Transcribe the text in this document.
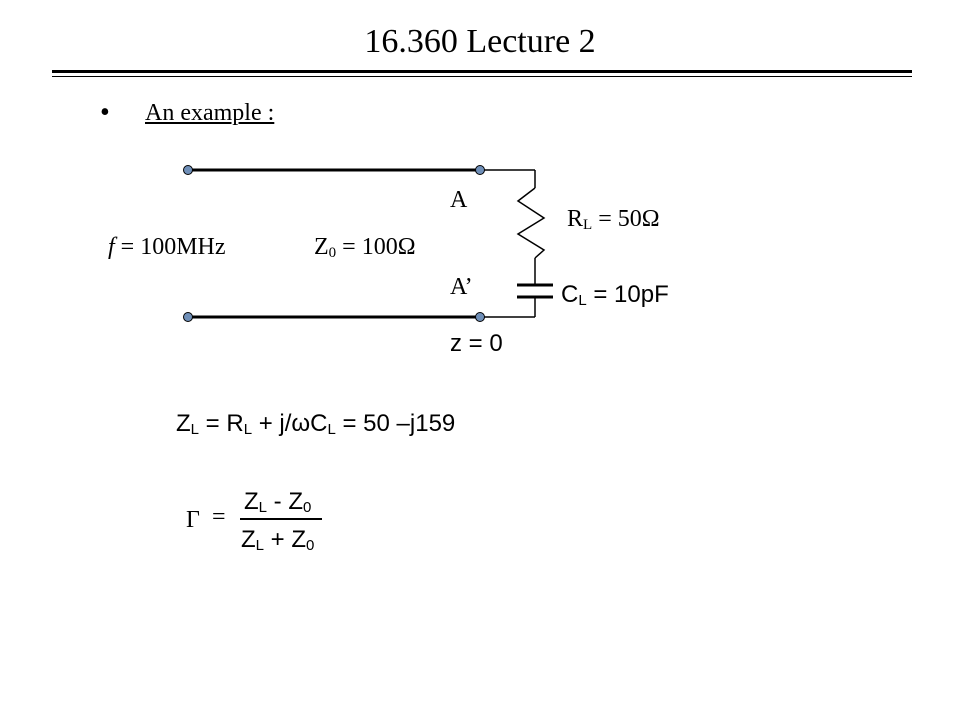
16.360 Lecture 2
• An example :
A
A’
f = 100MHz	$Z_0 = 100\Omega$
$R_L = 50\Omega$
$C_L = 10pF$
z = 0
$Z_L = R_L + j/\omega C_L = 50$ –j159
Γ =
$Z_L - Z_0$
$Z_L + Z_0$
